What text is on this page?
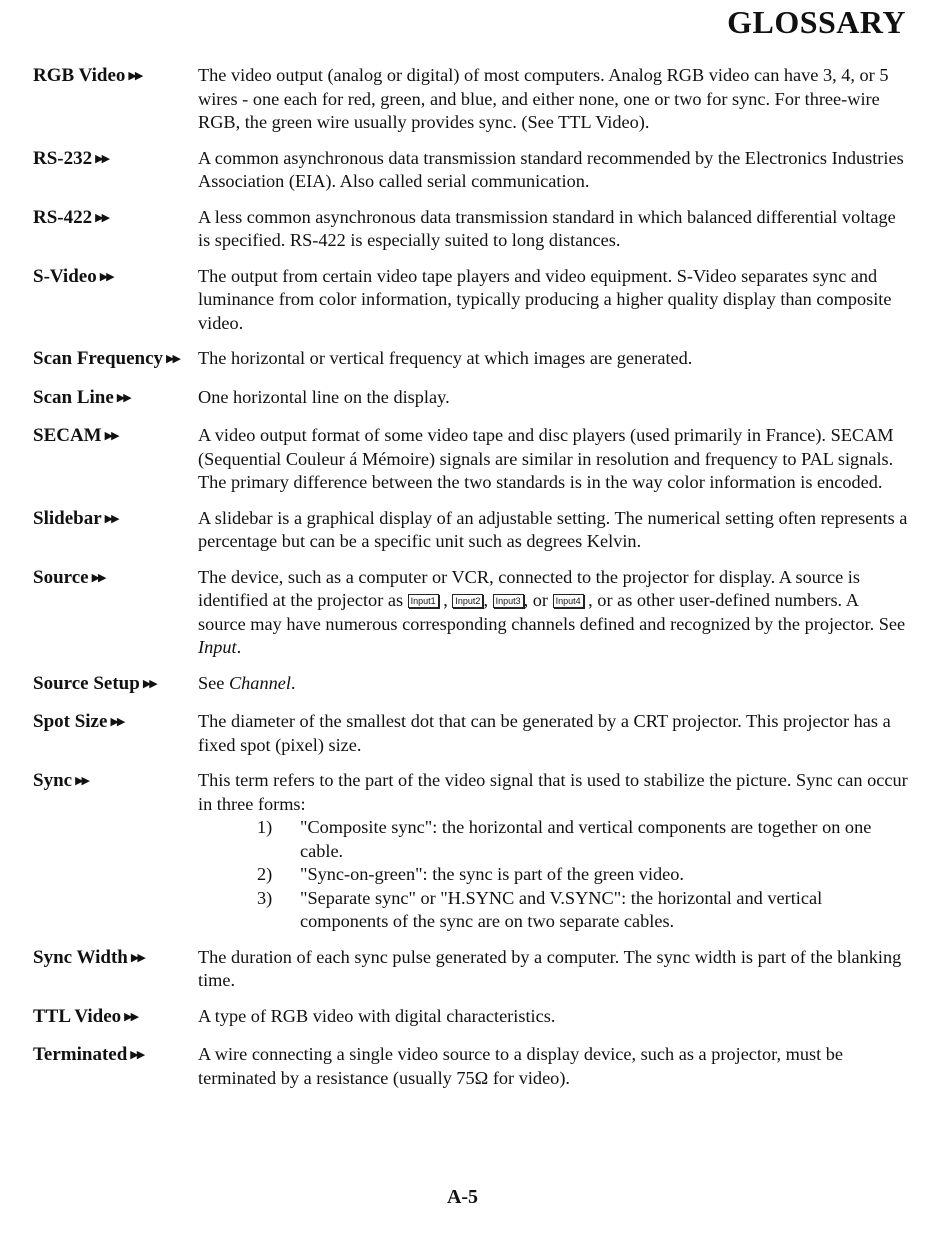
GLOSSARY
RGB Video ▶▶	The video output (analog or digital) of most computers. Analog RGB video can have 3, 4, or 5 wires - one each for red, green, and blue, and either none, one or two for sync. For three-wire RGB, the green wire usually provides sync. (See TTL Video).
RS-232 ▶▶	A common asynchronous data transmission standard recommended by the Electronics Industries Association (EIA). Also called serial communication.
RS-422 ▶▶	A less common asynchronous data transmission standard in which balanced differential voltage is specified. RS-422 is especially suited to long distances.
S-Video ▶▶	The output from certain video tape players and video equipment. S-Video separates sync and luminance from color information, typically producing a higher quality display than composite video.
Scan Frequency ▶▶	The horizontal or vertical frequency at which images are generated.
Scan Line ▶▶	One horizontal line on the display.
SECAM ▶▶	A video output format of some video tape and disc players (used primarily in France). SECAM (Sequential Couleur á Mémoire) signals are similar in resolution and frequency to PAL signals. The primary difference between the two standards is in the way color information is encoded.
Slidebar ▶▶	A slidebar is a graphical display of an adjustable setting. The numerical setting often represents a percentage but can be a specific unit such as degrees Kelvin.
Source ▶▶	The device, such as a computer or VCR, connected to the projector for display. A source is identified at the projector as Input1 , Input2 , Input3 , or Input4 , or as other user-defined numbers. A source may have numerous corresponding channels defined and recognized by the projector. See Input.
Source Setup ▶▶	See Channel.
Spot Size ▶▶	The diameter of the smallest dot that can be generated by a CRT projector. This projector has a fixed spot (pixel) size.
Sync ▶▶	This term refers to the part of the video signal that is used to stabilize the picture. Sync can occur in three forms:
1)	"Composite sync": the horizontal and vertical components are together on one cable.
2)	"Sync-on-green": the sync is part of the green video.
3)	"Separate sync" or "H.SYNC and V.SYNC": the horizontal and vertical components of the sync are on two separate cables.
Sync Width ▶▶	The duration of each sync pulse generated by a computer. The sync width is part of the blanking time.
TTL Video ▶▶	A type of RGB video with digital characteristics.
Terminated ▶▶	A wire connecting a single video source to a display device, such as a projector, must be terminated by a resistance (usually 75Ω for video).
A-5
